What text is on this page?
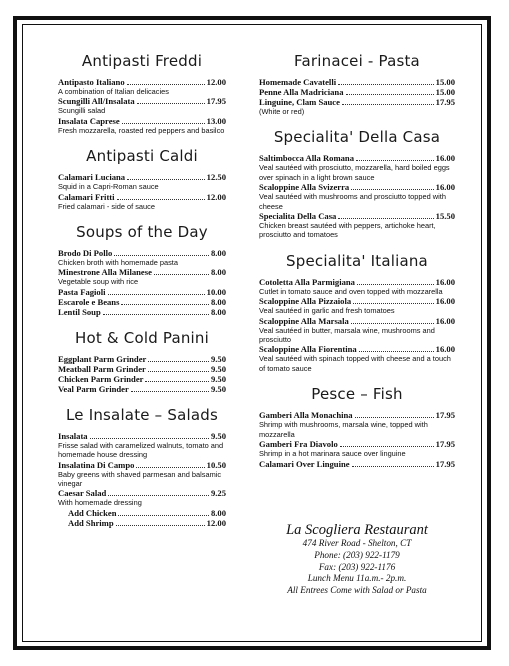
Antipasti Freddi
Antipasto Italiano	12.00
A combination of Italian delicacies
Scungilli All/Insalata	17.95
Scungilli salad
Insalata Caprese	13.00
Fresh mozzarella, roasted red peppers and basilco
Antipasti Caldi
Calamari Luciana	12.50
Squid in a Capri-Roman sauce
Calamari Fritti	12.00
Fried calamari - side of sauce
Soups of the Day
Brodo Di Pollo	8.00
Chicken broth with homemade pasta
Minestrone Alla Milanese	8.00
Vegetable soup with rice
Pasta Fagioli	10.00
Escarole e Beans	8.00
Lentil Soup	8.00
Hot & Cold Panini
Eggplant Parm Grinder	9.50
Meatball Parm Grinder	9.50
Chicken Parm Grinder	9.50
Veal Parm Grinder	9.50
Le Insalate – Salads
Insalata	9.50
Frisse salad with caramelized walnuts, tomato and homemade house dressing
Insalatina Di Campo	10.50
Baby greens with shaved parmesan and balsamic vinegar
Caesar Salad	9.25
With homemade dressing
Add Chicken	8.00
Add Shrimp	12.00
Farinacei - Pasta
Homemade Cavatelli	15.00
Penne Alla Madriciana	15.00
Linguine, Clam Sauce	17.95
(White or red)
Specialita' Della Casa
Saltimbocca Alla Romana	16.00
Veal sautéed with prosciutto, mozzarella, hard boiled eggs over spinach in a light brown sauce
Scaloppine Alla Svizerra	16.00
Veal sautéed with mushrooms and prosciutto topped with cheese
Specialita Della Casa	15.50
Chicken breast sautéed with peppers, artichoke heart, prosciutto and tomatoes
Specialita' Italiana
Cotoletta Alla Parmigiana	16.00
Cutlet in tomato sauce and oven topped with mozzarella
Scaloppine Alla Pizzaiola	16.00
Veal sautéed in garlic and fresh tomatoes
Scaloppine Alla Marsala	16.00
Veal sautéed in butter, marsala wine, mushrooms and prosciutto
Scaloppine Alla Fiorentina	16.00
Veal sautéed with spinach topped with cheese and a touch of tomato sauce
Pesce – Fish
Gamberi Alla Monachina	17.95
Shrimp with mushrooms, marsala wine, topped with mozzarella
Gamberi Fra Diavolo	17.95
Shrimp in a hot marinara sauce over linguine
Calamari Over Linguine	17.95
La Scogliera Restaurant
474 River Road - Shelton, CT
Phone: (203) 922-1179
Fax: (203) 922-1176
Lunch Menu 11a.m.- 2p.m.
All Entrees Come with Salad or Pasta
